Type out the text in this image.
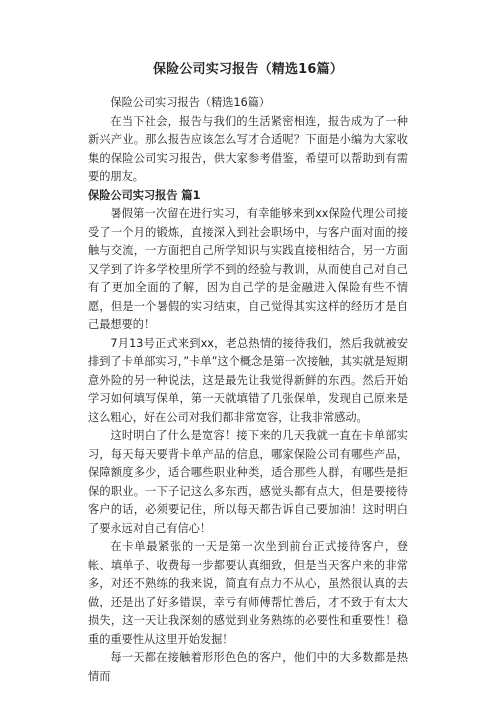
保险公司实习报告（精选16篇）

保险公司实习报告（精选16篇）

在当下社会，报告与我们的生活紧密相连，报告成为了一种新兴产业。那么报告应该怎么写才合适呢？下面是小编为大家收集的保险公司实习报告，供大家参考借鉴，希望可以帮助到有需要的朋友。

保险公司实习报告 篇1

暑假第一次留在进行实习，有幸能够来到xx保险代理公司接受了一个月的锻炼，直接深入到社会职场中，与客户面对面的接触与交流，一方面把自己所学知识与实践直接相结合，另一方面又学到了许多学校里所学不到的经验与教训，从而使自己对自己有了更加全面的了解，因为自己学的是金融进入保险有些不情愿，但是一个暑假的实习结束，自己觉得其实这样的经历才是自己最想要的！

7月13号正式来到xx，老总热情的接待我们，然后我就被安排到了卡单部实习，”卡单”这个概念是第一次接触，其实就是短期意外险的另一种说法，这是最先让我觉得新鲜的东西。然后开始学习如何填写保单，第一天就填错了几张保单，发现自己原来是这么粗心，好在公司对我们都非常宽容，让我非常感动。

这时明白了什么是宽容！接下来的几天我就一直在卡单部实习，每天每天要背卡单产品的信息，哪家保险公司有哪些产品，保障额度多少，适合哪些职业种类，适合那些人群，有哪些是拒保的职业。一下子记这么多东西，感觉头都有点大，但是要接待客户的话，必须要记住，所以每天都告诉自己要加油！这时明白了要永远对自己有信心！

在卡单最紧张的一天是第一次坐到前台正式接待客户，登帐、填单子、收费每一步都要认真细致，但是当天客户来的非常多，对还不熟练的我来说，简直有点力不从心，虽然很认真的去做，还是出了好多错误，幸亏有师傅帮忙善后，才不致于有太大损失，这一天让我深刻的感觉到业务熟练的必要性和重要性！稳重的重要性从这里开始发掘！

每一天都在接触着形形色色的客户，他们中的大多数都是热情而
